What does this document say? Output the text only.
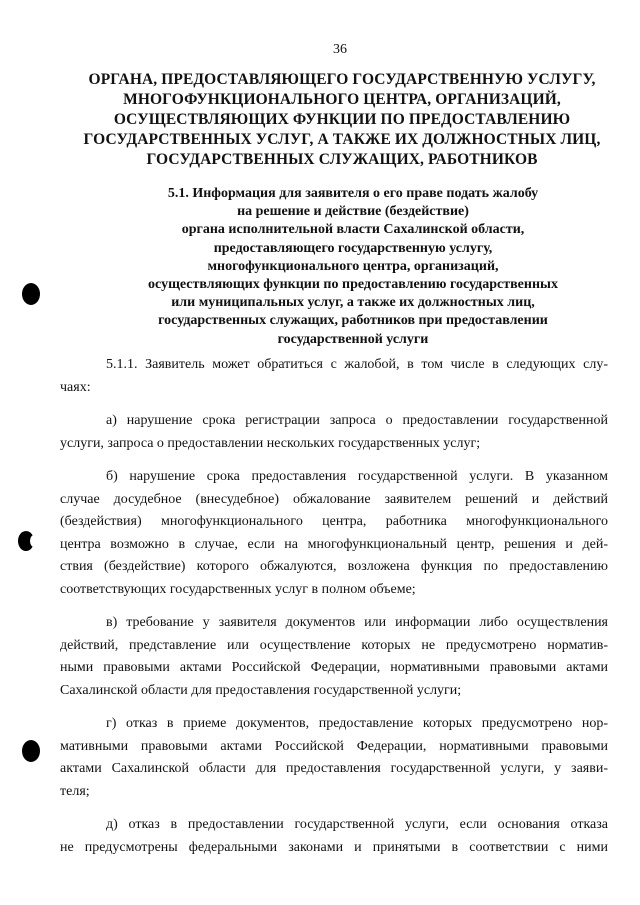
36
ОРГАНА, ПРЕДОСТАВЛЯЮЩЕГО ГОСУДАРСТВЕННУЮ УСЛУГУ,
МНОГОФУНКЦИОНАЛЬНОГО ЦЕНТРА, ОРГАНИЗАЦИЙ,
ОСУЩЕСТВЛЯЮЩИХ ФУНКЦИИ ПО ПРЕДОСТАВЛЕНИЮ
ГОСУДАРСТВЕННЫХ УСЛУГ, А ТАКЖЕ ИХ ДОЛЖНОСТНЫХ ЛИЦ,
ГОСУДАРСТВЕННЫХ СЛУЖАЩИХ, РАБОТНИКОВ
5.1. Информация для заявителя о его праве подать жалобу
на решение и действие (бездействие)
органа исполнительной власти Сахалинской области,
предоставляющего государственную услугу,
многофункционального центра, организаций,
осуществляющих функции по предоставлению государственных
или муниципальных услуг, а также их должностных лиц,
государственных служащих, работников при предоставлении
государственной услуги
5.1.1. Заявитель может обратиться с жалобой, в том числе в следующих слу-
чаях:
а) нарушение срока регистрации запроса о предоставлении государственной
услуги, запроса о предоставлении нескольких государственных услуг;
б) нарушение срока предоставления государственной услуги. В указанном
случае досудебное (внесудебное) обжалование заявителем решений и действий
(бездействия) многофункционального центра, работника многофункционального
центра возможно в случае, если на многофункциональный центр, решения и дей-
ствия (бездействие) которого обжалуются, возложена функция по предоставлению
соответствующих государственных услуг в полном объеме;
в) требование у заявителя документов или информации либо осуществления
действий, представление или осуществление которых не предусмотрено норматив-
ными правовыми актами Российской Федерации, нормативными правовыми актами
Сахалинской области для предоставления государственной услуги;
г) отказ в приеме документов, предоставление которых предусмотрено нор-
мативными правовыми актами Российской Федерации, нормативными правовыми
актами Сахалинской области для предоставления государственной услуги, у заяви-
теля;
д) отказ в предоставлении государственной услуги, если основания отказа
не предусмотрены федеральными законами и принятыми в соответствии с ними
